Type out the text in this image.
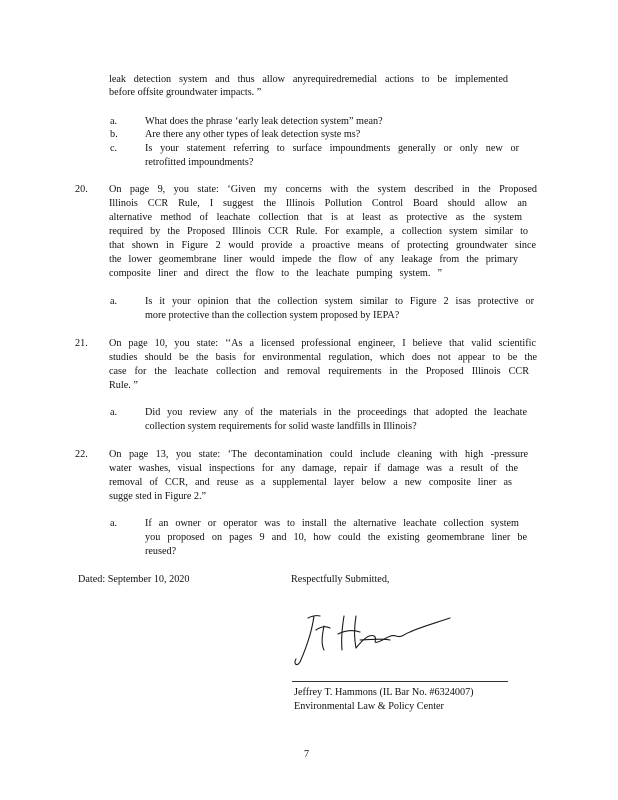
leak detection system and thus allow anyrequiredremedial actions to be implemented
before offsite groundwater impacts. ”
a.	What does the phrase ‘early leak detection system” mean?
b.	Are there any other types of leak detection syste ms?
c.	Is your statement referring to surface impoundments generally or only new or
retrofitted impoundments?
20. On page 9, you state: ‘Given my concerns with the system described in the Proposed
Illinois CCR Rule, I suggest the Illinois Pollution Control Board should allow an
alternative method of leachate collection that is at least as protective as the system
required by the Proposed Illinois CCR Rule. For example, a collection system similar to
that shown in Figure 2 would provide a proactive means of protecting groundwater since
the lower geomembrane liner would impede the flow of any leakage from the primary
composite liner and direct the flow to the leachate pumping system. ”
a.	Is it your opinion that the collection system similar to Figure 2 isas protective or
more protective than the collection system proposed by IEPA?
21. On page 10, you state: ‘‘As a licensed professional engineer, I believe that valid scientific
studies should be the basis for environmental regulation, which does not appear to be the
case for the leachate collection and removal requirements in the Proposed Illinois CCR
Rule. ”
a.	Did you review any of the materials in the proceedings that adopted the leachate
collection system requirements for solid waste landfills in Illinois?
22. On page 13, you state: ‘The decontamination could include cleaning with high -pressure
water washes, visual inspections for any damage, repair if damage was a result of the
removal of CCR, and reuse as a supplemental layer below a new composite liner as
sugge sted in Figure 2.”
a.	If an owner or operator was to install the alternative leachate collection system
you proposed on pages 9 and 10, how could the existing geomembrane liner be
reused?
Dated: September 10, 2020	Respectfully Submitted,
Jeffrey T. Hammons (IL Bar No. #6324007)
Environmental Law & Policy Center
7
